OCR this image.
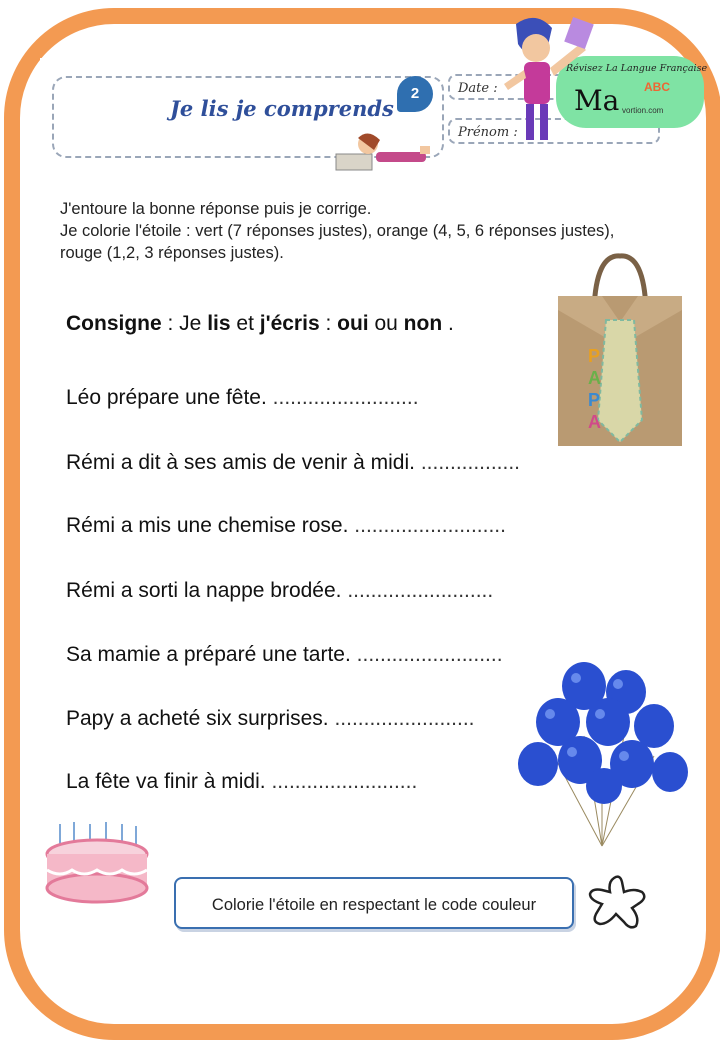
Je lis je comprends
2	Date :
Prénom :
Révisez La Langue Française
Ma ABC
vortion.com
J'entoure la bonne réponse puis je corrige.
Je colorie l'étoile : vert (7 réponses justes), orange (4, 5, 6 réponses justes), rouge (1,2, 3 réponses justes).
Consigne : Je lis et j'écris : oui ou non .
Léo prépare une fête. .........................
Rémi a dit à ses amis de venir à midi. .................
Rémi a mis une chemise rose. ..........................
Rémi a sorti la nappe brodée. .........................
Sa mamie a préparé une tarte. .........................
Papy a acheté six surprises. ........................
La fête va finir à midi. .........................
P
A
P
A
Colorie l'étoile en respectant le code couleur
